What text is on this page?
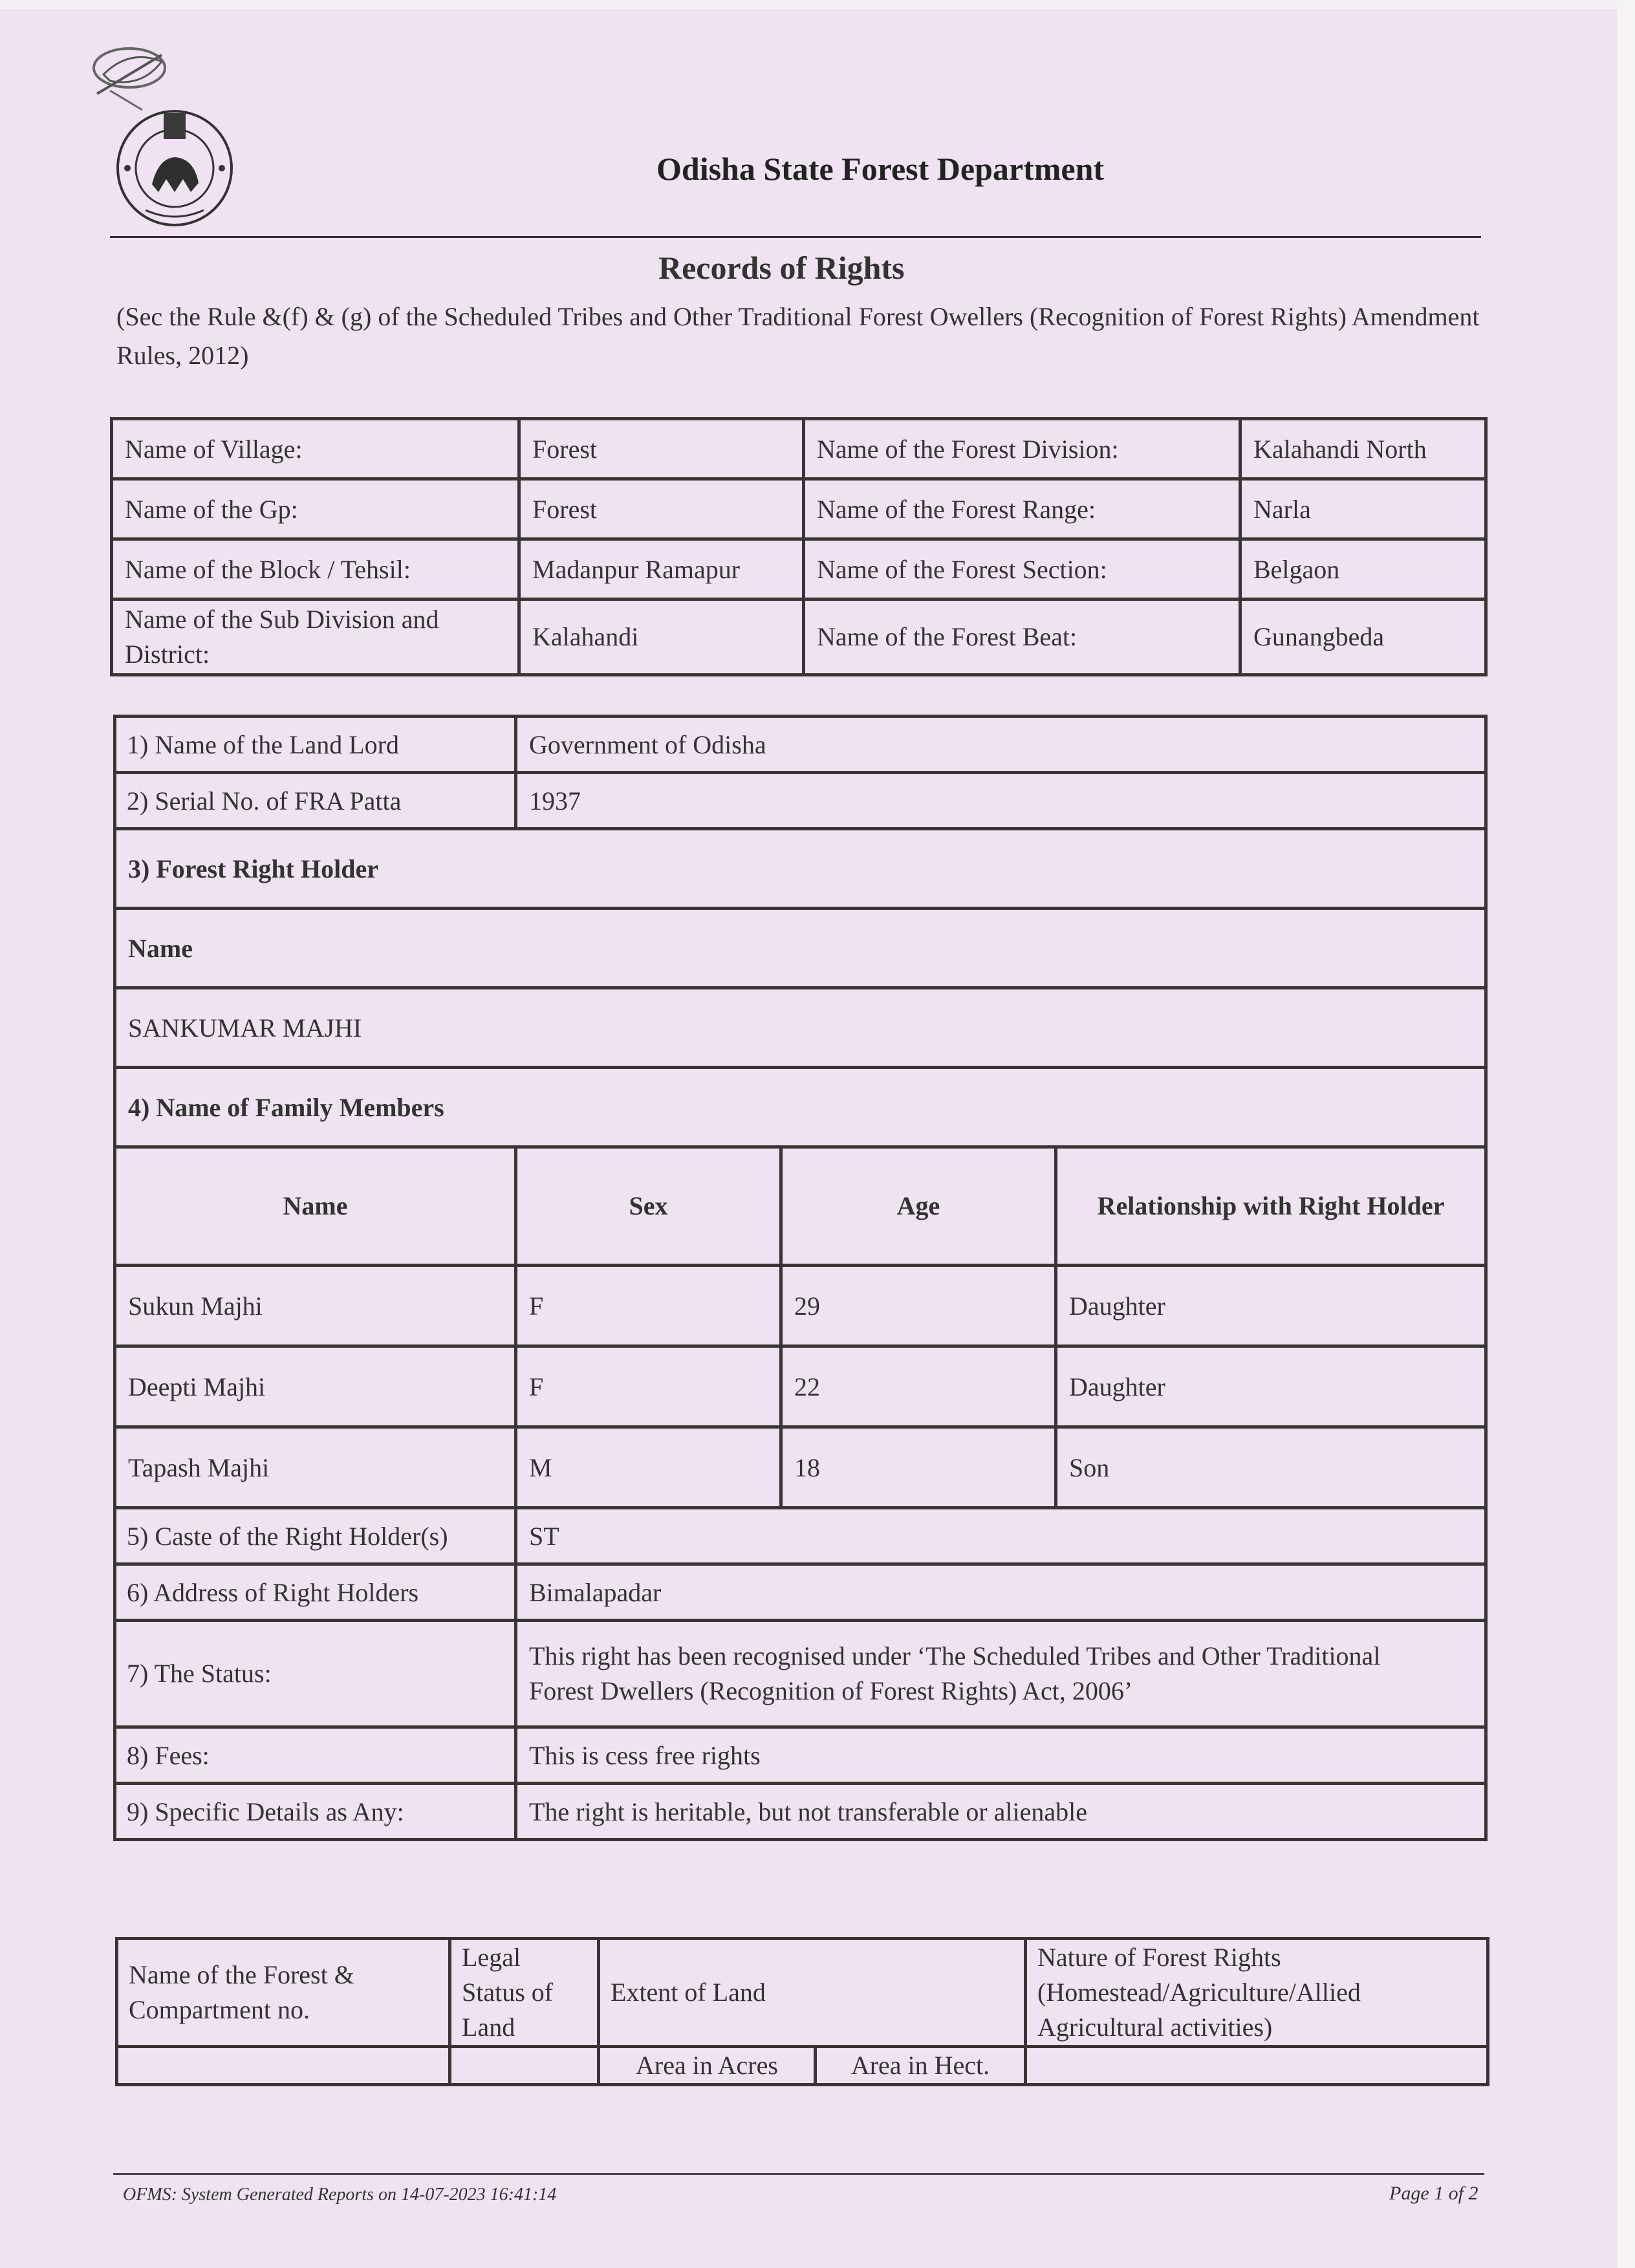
Odisha State Forest Department
Records of Rights
(Sec the Rule &(f) & (g) of the Scheduled Tribes and Other Traditional Forest Owellers (Recognition of Forest Rights) Amendment Rules, 2012)
Name of Village:	Forest	Name of the Forest Division:	Kalahandi North
Name of the Gp:	Forest	Name of the Forest Range:	Narla
Name of the Block / Tehsil:	Madanpur Ramapur	Name of the Forest Section:	Belgaon
Name of the Sub Division and District:	Kalahandi	Name of the Forest Beat:	Gunangbeda
1) Name of the Land Lord	Government of Odisha		
2) Serial No. of FRA Patta	1937		
3) Forest Right Holder			
Name			
SANKUMAR MAJHI			
4) Name of Family Members			
Name	Sex	Age	Relationship with Right Holder
Sukun Majhi	F	29	Daughter
Deepti Majhi	F	22	Daughter
Tapash Majhi	M	18	Son
5) Caste of the Right Holder(s)	ST		
6) Address of Right Holders	Bimalapadar		
7) The Status:	This right has been recognised under ‘The Scheduled Tribes and Other Traditional
Forest Dwellers (Recognition of Forest Rights) Act, 2006’		
8) Fees:	This is cess free rights		
9) Specific Details as Any:	The right is heritable, but not transferable or alienable		
Name of the Forest & Compartment no.	Legal Status of Land	Extent of Land		Nature of Forest Rights (Homestead/Agriculture/Allied Agricultural activities)
		Area in Acres	Area in Hect.	
OFMS: System Generated Reports on 14-07-2023 16:41:14	Page 1 of 2
